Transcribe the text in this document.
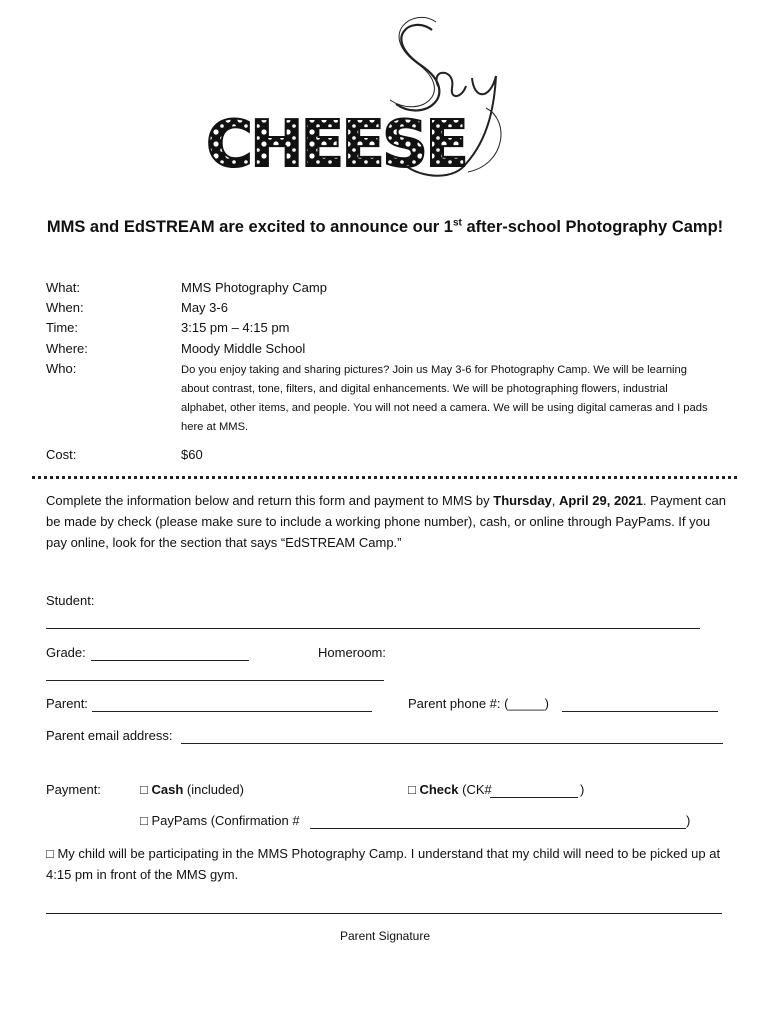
CHEESE
MMS and EdSTREAM are excited to announce our 1st after-school Photography Camp!
What:	MMS Photography Camp
When:	May 3-6
Time:	3:15 pm – 4:15 pm
Where:	Moody Middle School
Who:	Do you enjoy taking and sharing pictures? Join us May 3-6 for Photography Camp. We will be learning about contrast, tone, filters, and digital enhancements. We will be photographing flowers, industrial alphabet, other items, and people. You will not need a camera. We will be using digital cameras and I pads here at MMS.
Cost:	$60
Complete the information below and return this form and payment to MMS by Thursday, April 29, 2021. Payment can be made by check (please make sure to include a working phone number), cash, or online through PayPams. If you pay online, look for the section that says “EdSTREAM Camp.”
Student:
Grade:	Homeroom:
Parent:	Parent phone #: (_____)
Parent email address:
Payment:	□ Cash (included)	□ Check (CK#	)
□ PayPams (Confirmation #	)
□ My child will be participating in the MMS Photography Camp. I understand that my child will need to be picked up at 4:15 pm in front of the MMS gym.
Parent Signature
